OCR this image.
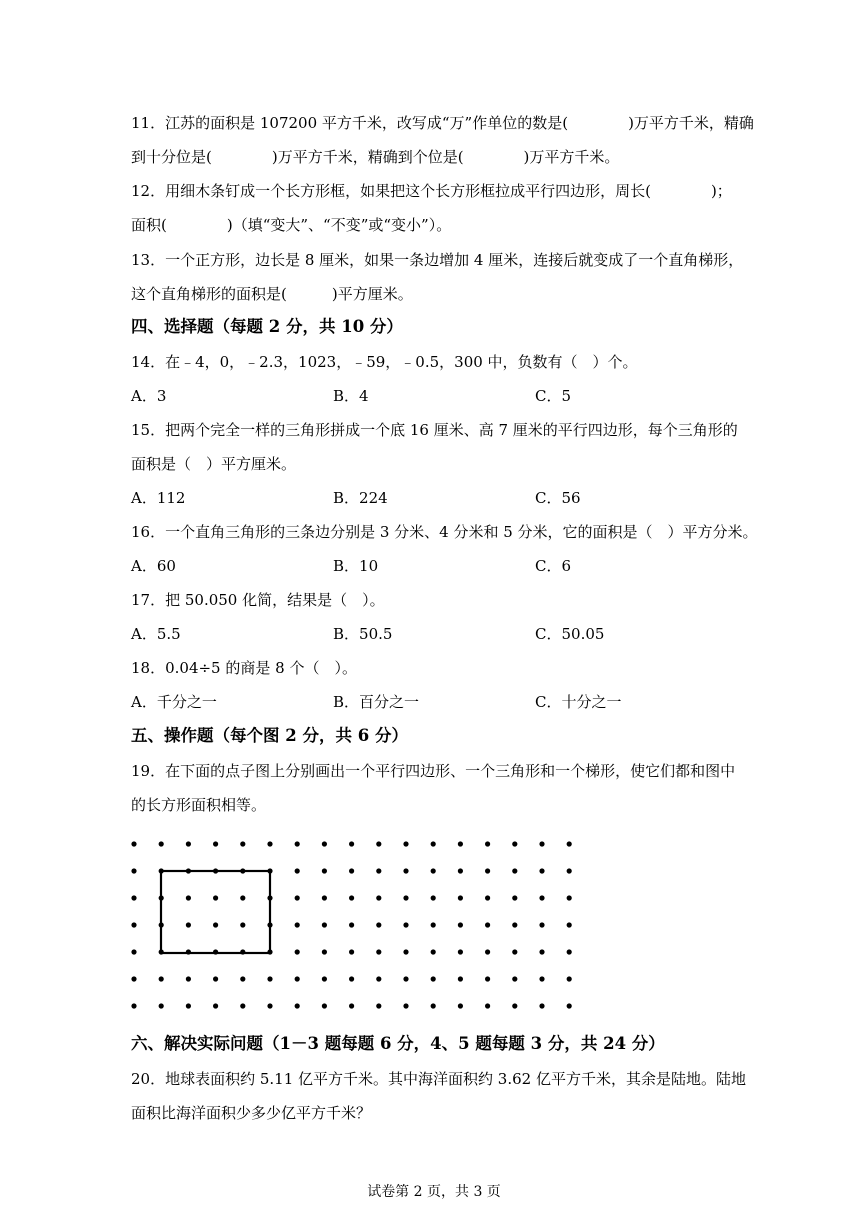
11．江苏的面积是 107200 平方千米，改写成“万”作单位的数是(　　　　)万平方千米，精确
到十分位是(　　　　)万平方千米，精确到个位是(　　　　)万平方千米。
12．用细木条钉成一个长方形框，如果把这个长方形框拉成平行四边形，周长(　　　　)；
面积(　　　　)（填“变大”、“不变”或“变小”）。
13．一个正方形，边长是 8 厘米，如果一条边增加 4 厘米，连接后就变成了一个直角梯形，
这个直角梯形的面积是(　　　)平方厘米。
四、选择题（每题 2 分，共 10 分）
14．在﹣4，0，﹣2.3，1023，﹣59，﹣0.5，300 中，负数有（　）个。
A．3	B．4	C．5
15．把两个完全一样的三角形拼成一个底 16 厘米、高 7 厘米的平行四边形，每个三角形的
面积是（　）平方厘米。
A．112	B．224	C．56
16．一个直角三角形的三条边分别是 3 分米、4 分米和 5 分米，它的面积是（　）平方分米。
A．60	B．10	C．6
17．把 50.050 化简，结果是（　）。
A．5.5	B．50.5	C．50.05
18．0.04÷5 的商是 8 个（　）。
A．千分之一	B．百分之一	C．十分之一
五、操作题（每个图 2 分，共 6 分）
19．在下面的点子图上分别画出一个平行四边形、一个三角形和一个梯形，使它们都和图中
的长方形面积相等。
六、解决实际问题（1－3 题每题 6 分，4、5 题每题 3 分，共 24 分）
20．地球表面积约 5.11 亿平方千米。其中海洋面积约 3.62 亿平方千米，其余是陆地。陆地
面积比海洋面积少多少亿平方千米？
试卷第 2 页，共 3 页
